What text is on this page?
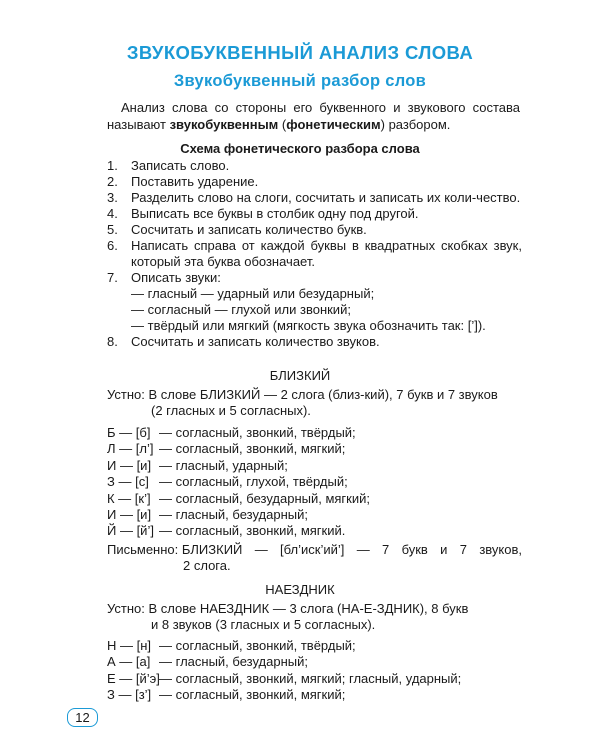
ЗВУКОБУКВЕННЫЙ АНАЛИЗ СЛОВА
Звукобуквенный разбор слов
Анализ слова со стороны его буквенного и звукового состава называют звукобуквенным (фонетическим) разбором.
Схема фонетического разбора слова
1. Записать слово.
2. Поставить ударение.
3. Разделить слово на слоги, сосчитать и записать их коли-чество.
4. Выписать все буквы в столбик одну под другой.
5. Сосчитать и записать количество букв.
6. Написать справа от каждой буквы в квадратных скобках звук, который эта буква обозначает.
7. Описать звуки:
— гласный — ударный или безударный;
— согласный — глухой или звонкий;
— твёрдый или мягкий (мягкость звука обозначить так: [’]).
8. Сосчитать и записать количество звуков.
БЛИЗКИЙ
Устно: В слове БЛИЗКИЙ — 2 слога (близ-кий), 7 букв и 7 звуков
(2 гласных и 5 согласных).
Б — [б] — согласный, звонкий, твёрдый;
Л — [л’] — согласный, звонкий, мягкий;
И — [и] — гласный, ударный;
З — [с] — согласный, глухой, твёрдый;
К — [к’] — согласный, безударный, мягкий;
И — [и] — гласный, безударный;
Й — [й’] — согласный, звонкий, мягкий.
Письменно: БЛИЗКИЙ — [бл’иск’ий’] — 7 букв и 7 звуков,
2 слога.
НАЕЗДНИК
Устно: В слове НАЕЗДНИК — 3 слога (НА-Е-ЗДНИК), 8 букв
и 8 звуков (3 гласных и 5 согласных).
Н — [н] — согласный, звонкий, твёрдый;
А — [а] — гласный, безударный;
Е — [й’э]— согласный, звонкий, мягкий; гласный, ударный;
З — [з’] — согласный, звонкий, мягкий;
12
